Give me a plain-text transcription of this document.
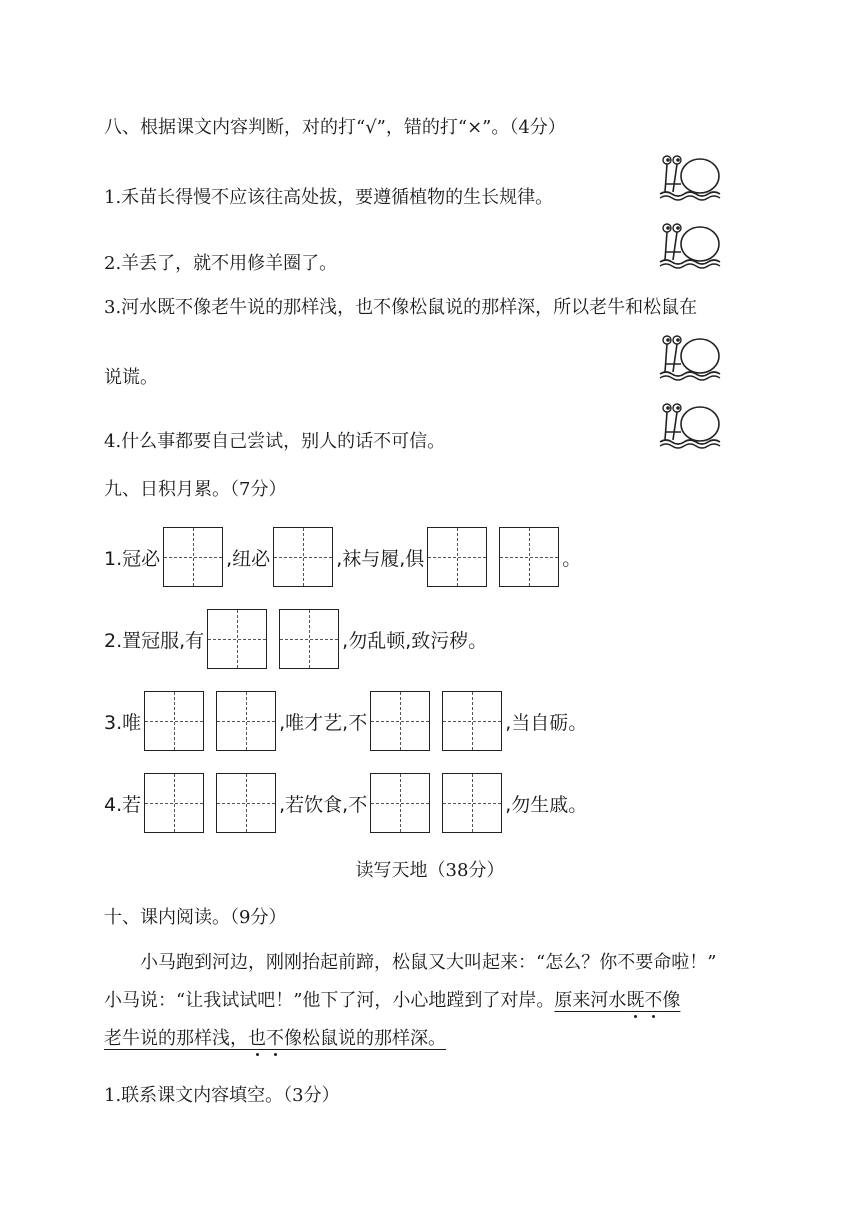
八、根据课文内容判断，对的打“√”，错的打“×”。（4分）
1.禾苗长得慢不应该往高处拔，要遵循植物的生长规律。
2.羊丢了，就不用修羊圈了。
3.河水既不像老牛说的那样浅，也不像松鼠说的那样深，所以老牛和松鼠在
说谎。
4.什么事都要自己尝试，别人的话不可信。
九、日积月累。（7分）
1.冠必	,纽必	,袜与履,俱	。
2.置冠服,有	,勿乱顿,致污秽。
3.唯	,唯才艺,不	,当自砺。
4.若	,若饮食,不	,勿生戚。
读写天地（38分）
十、课内阅读。（9分）
小马跑到河边，刚刚抬起前蹄，松鼠又大叫起来：“怎么？你不要命啦！”
小马说：“让我试试吧！”他下了河，小心地蹚到了对岸。原来河水既不像
老牛说的那样浅，也不像松鼠说的那样深。
1.联系课文内容填空。（3分）
